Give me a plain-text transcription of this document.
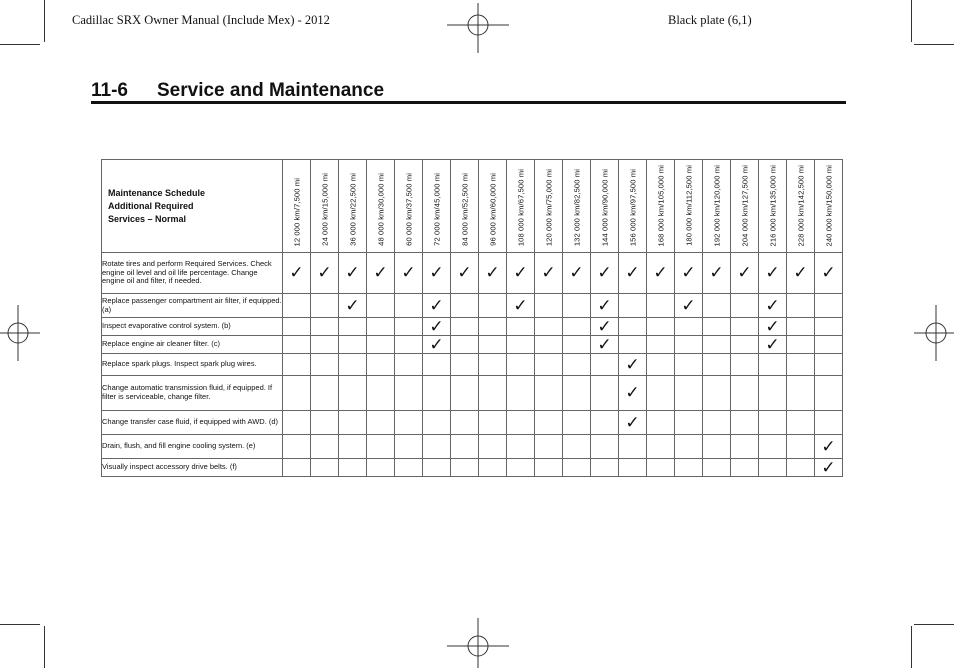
Cadillac SRX Owner Manual (Include Mex) - 2012	Black plate (6,1)
11-6 Service and Maintenance
Maintenance Schedule
Additional Required
Services – Normal	12 000 km/7,500 mi	24 000 km/15,000 mi	36 000 km/22,500 mi	48 000 km/30,000 mi	60 000 km/37,500 mi	72 000 km/45,000 mi	84 000 km/52,500 mi	96 000 km/60,000 mi	108 000 km/67,500 mi	120 000 km/75,000 mi	132 000 km/82,500 mi	144 000 km/90,000 mi	156 000 km/97,500 mi	168 000 km/105,000 mi	180 000 km/112,500 mi	192 000 km/120,000 mi	204 000 km/127,500 mi	216 000 km/135,000 mi	228 000 km/142,500 mi	240 000 km/150,000 mi

Rotate tires and perform Required Services. Check engine oil level and oil life percentage. Change engine oil and filter, if needed.	✓	✓	✓	✓	✓	✓	✓	✓	✓	✓	✓	✓	✓	✓	✓	✓	✓	✓	✓	✓
Replace passenger compartment air filter, if equipped. (a)			✓			✓			✓			✓			✓			✓		
Inspect evaporative control system. (b)						✓						✓						✓		
Replace engine air cleaner filter. (c)						✓						✓						✓		
Replace spark plugs. Inspect spark plug wires.													✓							
Change automatic transmission fluid, if equipped. If filter is serviceable, change filter.													✓							
Change transfer case fluid, if equipped with AWD. (d)													✓							
Drain, flush, and fill engine cooling system. (e)																				✓
Visually inspect accessory drive belts. (f)																				✓
